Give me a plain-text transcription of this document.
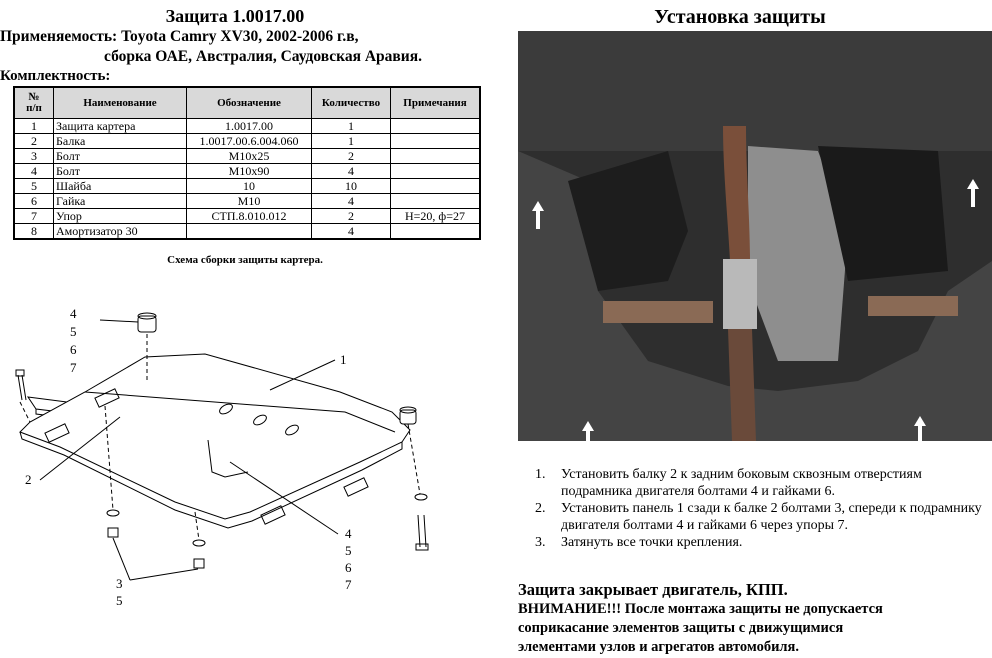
Защита 1.0017.00
Применяемость: Toyota Camry XV30, 2002-2006 г.в,
сборка ОАЕ, Австралия, Саудовская Аравия.
Комплектность:
№
п/п	Наименование	Обозначение	Количество	Примечания
1	Защита картера	1.0017.00	1	
2	Балка	1.0017.00.6.004.060	1	
3	Болт	М10х25	2	
4	Болт	М10х90	4	
5	Шайба	10	10	
6	Гайка	М10	4	
7	Упор	СТП.8.010.012	2	Н=20, ф=27
8	Амортизатор 30		4	
Схема сборки защиты картера.
4
5
6
7
1
2
4
5
6
7
3
5
Установка защиты
1.	Установить балку 2 к задним боковым сквозным отверстиям подрамника двигателя болтами 4 и гайками 6.
2.	Установить панель 1 сзади к балке 2 болтами 3, спереди к подрамнику двигателя болтами 4 и гайками 6 через упоры 7.
3.	Затянуть все точки крепления.
Защита закрывает двигатель, КПП.
ВНИМАНИЕ!!! После монтажа защиты не допускается
соприкасание элементов защиты с движущимися
элементами узлов и агрегатов автомобиля.
